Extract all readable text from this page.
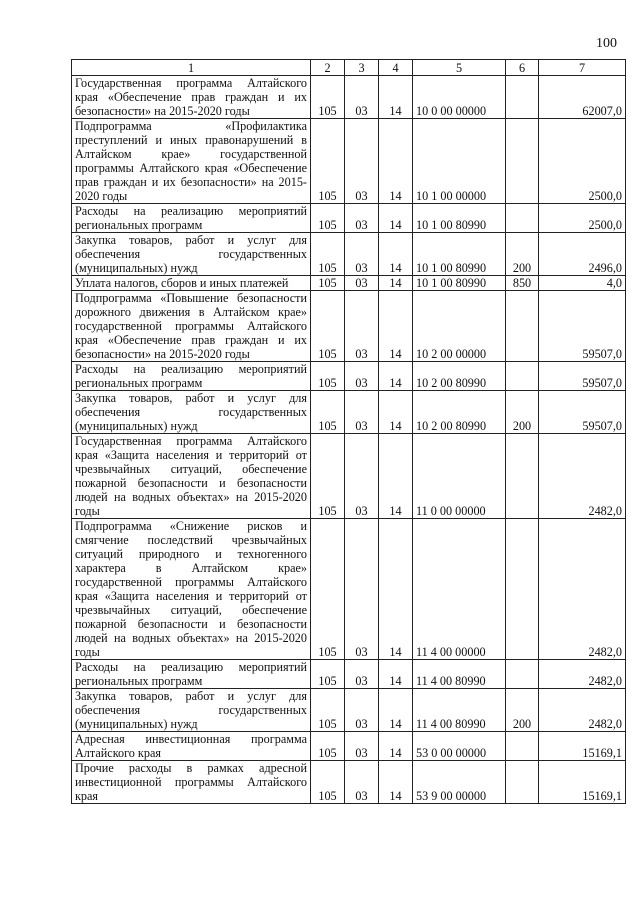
100
1	2	3	4	5	6	7
Государственная программа Алтайского края «Обеспечение прав граждан и их безопасности» на 2015-2020 годы	105	03	14	10 0 00 00000		62007,0
Подпрограмма «Профилактика преступлений и иных правонарушений в Алтайском крае» государственной программы Алтайского края «Обеспечение прав граждан и их безопасности» на 2015-2020 годы	105	03	14	10 1 00 00000		2500,0
Расходы на реализацию мероприятий региональных программ	105	03	14	10 1 00 80990		2500,0
Закупка товаров, работ и услуг для обеспечения государственных (муниципальных) нужд	105	03	14	10 1 00 80990	200	2496,0
Уплата налогов, сборов и иных платежей	105	03	14	10 1 00 80990	850	4,0
Подпрограмма «Повышение безопасности дорожного движения в Алтайском крае» государственной программы Алтайского края «Обеспечение прав граждан и их безопасности» на 2015-2020 годы	105	03	14	10 2 00 00000		59507,0
Расходы на реализацию мероприятий региональных программ	105	03	14	10 2 00 80990		59507,0
Закупка товаров, работ и услуг для обеспечения государственных (муниципальных) нужд	105	03	14	10 2 00 80990	200	59507,0
Государственная программа Алтайского края «Защита населения и территорий от чрезвычайных ситуаций, обеспечение пожарной безопасности и безопасности людей на водных объектах» на 2015-2020 годы	105	03	14	11 0 00 00000		2482,0
Подпрограмма «Снижение рисков и смягчение последствий чрезвычайных ситуаций природного и техногенного характера в Алтайском крае» государственной программы Алтайского края «Защита населения и территорий от чрезвычайных ситуаций, обеспечение пожарной безопасности и безопасности людей на водных объектах» на 2015-2020 годы	105	03	14	11 4 00 00000		2482,0
Расходы на реализацию мероприятий региональных программ	105	03	14	11 4 00 80990		2482,0
Закупка товаров, работ и услуг для обеспечения государственных (муниципальных) нужд	105	03	14	11 4 00 80990	200	2482,0
Адресная инвестиционная программа Алтайского края	105	03	14	53 0 00 00000		15169,1
Прочие расходы в рамках адресной инвестиционной программы Алтайского края	105	03	14	53 9 00 00000		15169,1
